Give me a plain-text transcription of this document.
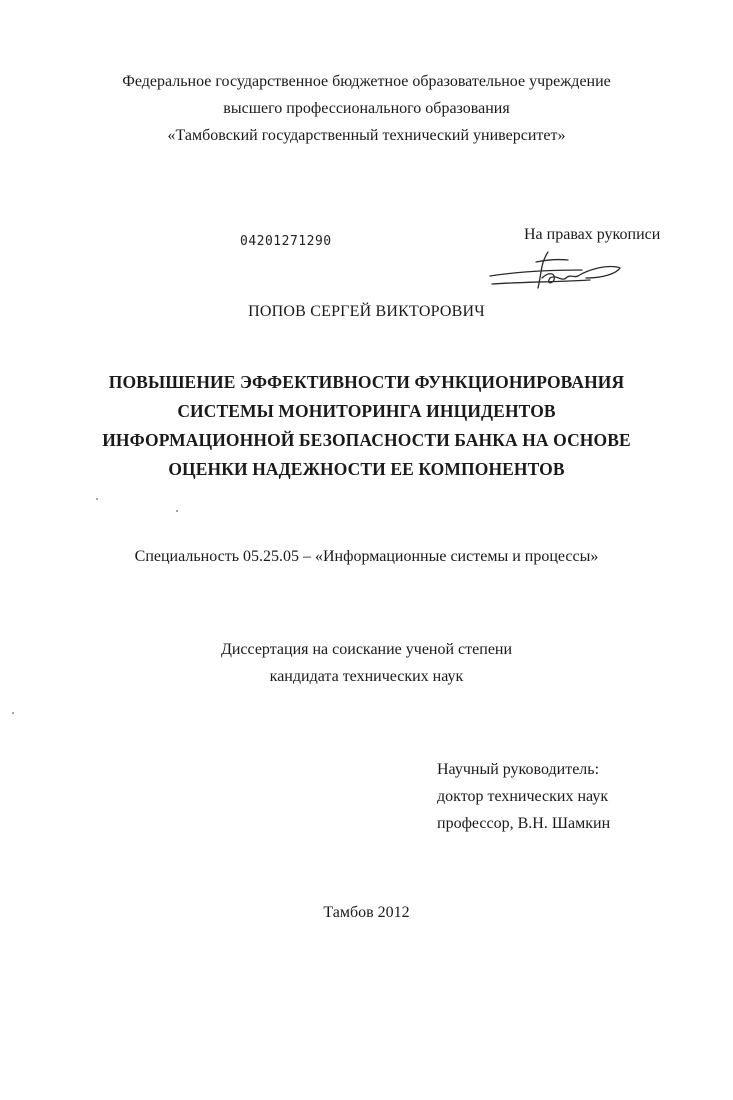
Федеральное государственное бюджетное образовательное учреждение
высшего профессионального образования
«Тамбовский государственный технический университет»
04201271290	На правах рукописи
ПОПОВ СЕРГЕЙ ВИКТОРОВИЧ
ПОВЫШЕНИЕ ЭФФЕКТИВНОСТИ ФУНКЦИОНИРОВАНИЯ
СИСТЕМЫ МОНИТОРИНГА ИНЦИДЕНТОВ
ИНФОРМАЦИОННОЙ БЕЗОПАСНОСТИ БАНКА НА ОСНОВЕ
ОЦЕНКИ НАДЕЖНОСТИ ЕЕ КОМПОНЕНТОВ
Специальность 05.25.05 – «Информационные системы и процессы»
Диссертация на соискание ученой степени
кандидата технических наук
Научный руководитель:
доктор технических наук
профессор, В.Н. Шамкин
Тамбов 2012
